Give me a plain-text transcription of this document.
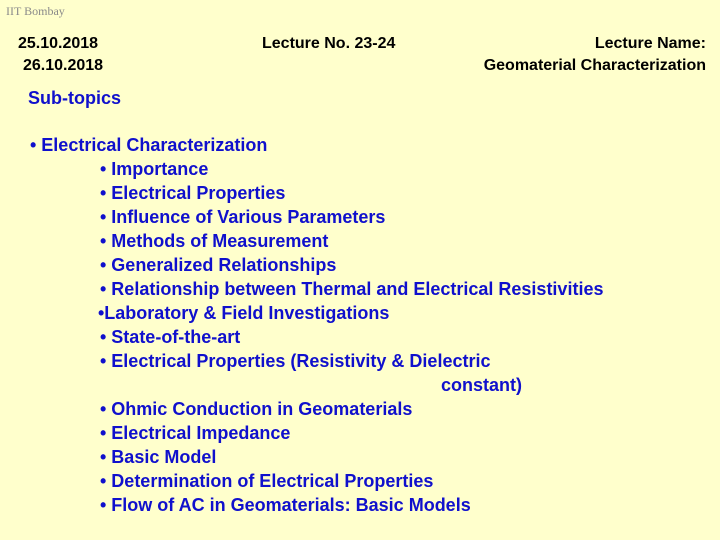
IIT Bombay
25.10.2018
26.10.2018
Lecture No. 23-24	Lecture Name:
Geomaterial Characterization
Sub-topics
• Electrical Characterization
• Importance
• Electrical Properties
• Influence of Various Parameters
• Methods of Measurement
• Generalized Relationships
• Relationship between Thermal and Electrical Resistivities
•Laboratory & Field Investigations
• State-of-the-art
• Electrical Properties (Resistivity & Dielectric
constant)
• Ohmic Conduction in Geomaterials
• Electrical Impedance
• Basic Model
• Determination of Electrical Properties
• Flow of AC in Geomaterials: Basic Models
